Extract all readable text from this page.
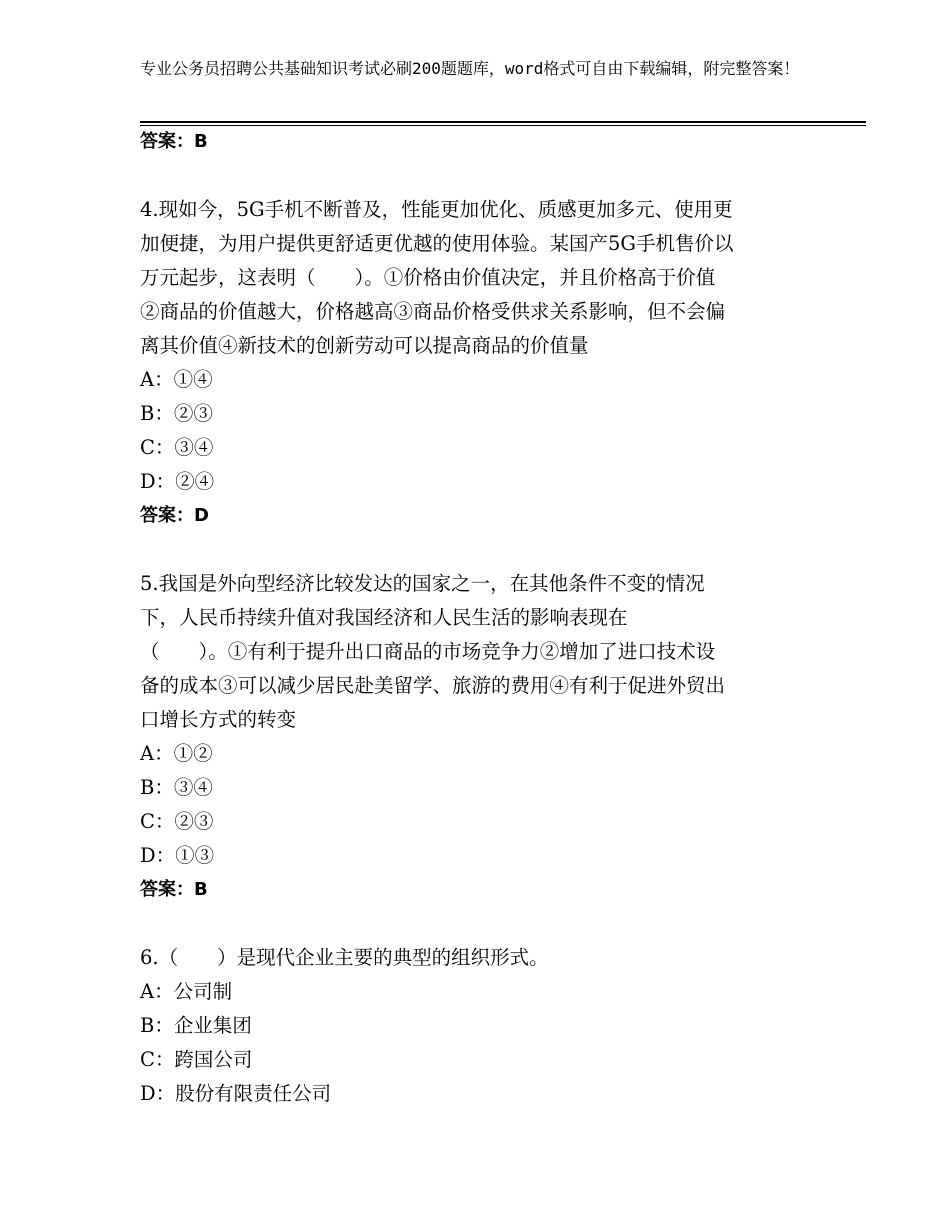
专业公务员招聘公共基础知识考试必刷200题题库，word格式可自由下载编辑，附完整答案！
答案：B
4.现如今，5G手机不断普及，性能更加优化、质感更加多元、使用更
加便捷，为用户提供更舒适更优越的使用体验。某国产5G手机售价以
万元起步，这表明（　　）。①价格由价值决定，并且价格高于价值
②商品的价值越大，价格越高③商品价格受供求关系影响，但不会偏
离其价值④新技术的创新劳动可以提高商品的价值量
A：①④
B：②③
C：③④
D：②④
答案：D
5.我国是外向型经济比较发达的国家之一，在其他条件不变的情况
下，人民币持续升值对我国经济和人民生活的影响表现在
（　　）。①有利于提升出口商品的市场竞争力②增加了进口技术设
备的成本③可以减少居民赴美留学、旅游的费用④有利于促进外贸出
口增长方式的转变
A：①②
B：③④
C：②③
D：①③
答案：B
6.（　　）是现代企业主要的典型的组织形式。
A：公司制
B：企业集团
C：跨国公司
D：股份有限责任公司
